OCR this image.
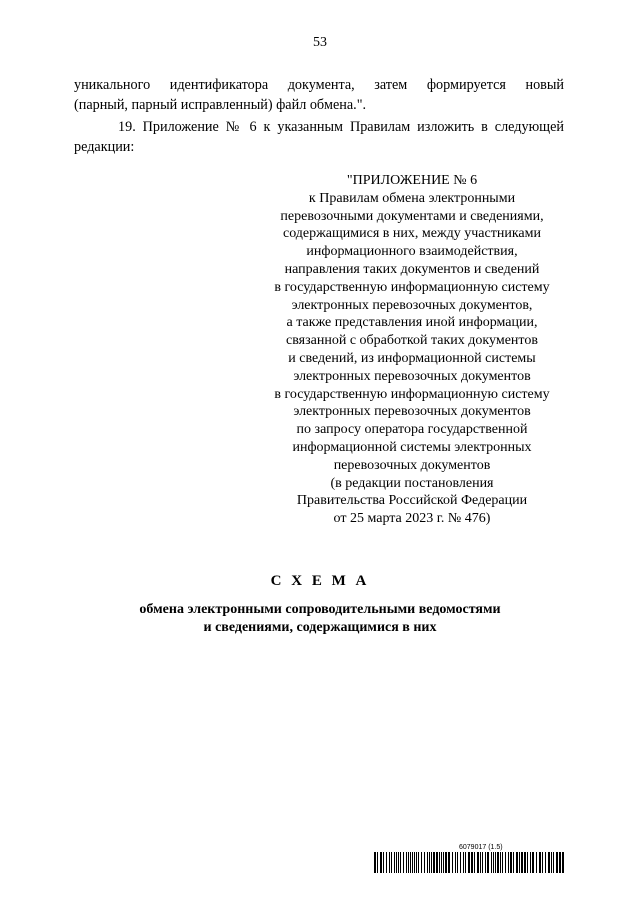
53
уникального идентификатора документа, затем формируется новый
(парный, парный исправленный) файл обмена.".
19. Приложение № 6 к указанным Правилам изложить в следующей
редакции:
"ПРИЛОЖЕНИЕ № 6
к Правилам обмена электронными
перевозочными документами и сведениями,
содержащимися в них, между участниками
информационного взаимодействия,
направления таких документов и сведений
в государственную информационную систему
электронных перевозочных документов,
а также представления иной информации,
связанной с обработкой таких документов
и сведений, из информационной системы
электронных перевозочных документов
в государственную информационную систему
электронных перевозочных документов
по запросу оператора государственной
информационной системы электронных
перевозочных документов
(в редакции постановления
Правительства Российской Федерации
от 25 марта 2023 г. № 476)
С Х Е М А
обмена электронными сопроводительными ведомостями
и сведениями, содержащимися в них
6079017 (1.5)
